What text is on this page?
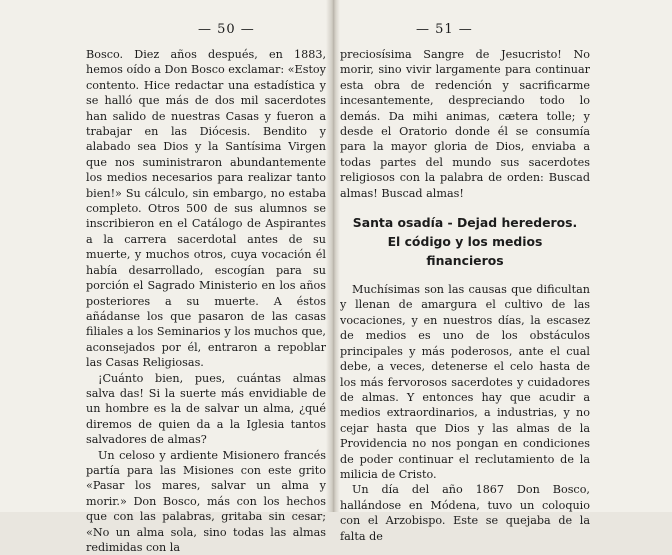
— 50 —

Bosco. Diez años después, en 1883, hemos oído a Don Bosco exclamar: «Estoy contento. Hice redactar una estadística y se halló que más de dos mil sacerdotes han salido de nuestras Casas y fueron a trabajar en las Diócesis. Bendito y alabado sea Dios y la Santísima Virgen que nos suministraron abundantemente los medios necesarios para realizar tanto bien!» Su cálculo, sin embargo, no estaba completo. Otros 500 de sus alumnos se inscribieron en el Catálogo de Aspirantes a la carrera sacerdotal antes de su muerte, y muchos otros, cuya vocación él había desarrollado, escogían para su porción el Sagrado Ministerio en los años posteriores a su muerte. A éstos añádanse los que pasaron de las casas filiales a los Seminarios y los muchos que, aconsejados por él, entraron a repoblar las Casas Religiosas.

¡Cuánto bien, pues, cuántas almas salva das! Si la suerte más envidiable de un hombre es la de salvar un alma, ¿qué diremos de quien da a la Iglesia tantos salvadores de almas?

Un celoso y ardiente Misionero francés partía para las Misiones con este grito «Pasar los mares, salvar un alma y morir.» Don Bosco, más con los hechos que con las palabras, gritaba sin cesar; «No un alma sola, sino todas las almas redimidas con la

— 51 —

preciosísima Sangre de Jesucristo! No morir, sino vivir largamente para continuar esta obra de redención y sacrificarme incesantemente, despreciando todo lo demás. Da mihi animas, cætera tolle; y desde el Oratorio donde él se consumía para la mayor gloria de Dios, enviaba a todas partes del mundo sus sacerdotes religiosos con la palabra de orden: Buscad almas! Buscad almas!

Santa osadía - Dejad herederos.
El código y los medios
financieros

Muchísimas son las causas que dificultan y llenan de amargura el cultivo de las vocaciones, y en nuestros días, la escasez de medios es uno de los obstáculos principales y más poderosos, ante el cual debe, a veces, detenerse el celo hasta de los más fervorosos sacerdotes y cuidadores de almas. Y entonces hay que acudir a medios extraordinarios, a industrias, y no cejar hasta que Dios y las almas de la Providencia no nos pongan en condiciones de poder continuar el reclutamiento de la milicia de Cristo.

Un día del año 1867 Don Bosco, hallándose en Módena, tuvo un coloquio con el Arzobispo. Este se quejaba de la falta de
